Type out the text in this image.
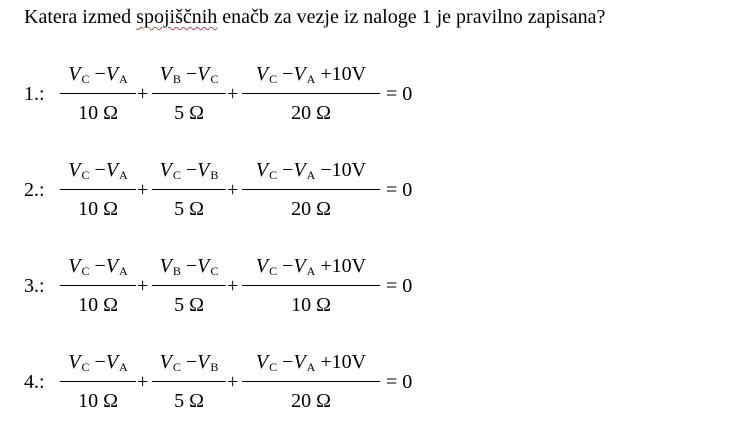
Katera izmed spojiščnih enačb za vezje iz naloge 1 je pravilno zapisana?
1.:
$V_C -V_A$
10 Ω
+
$V_B -V_C$
5 Ω
+
$V_C -V_A +10V$
20 Ω
= 0
2.:
$V_C -V_A$
10 Ω
+
$V_C -V_B$
5 Ω
+
$V_C -V_A -10V$
20 Ω
= 0
3.:
$V_C -V_A$
10 Ω
+
$V_B -V_C$
5 Ω
+
$V_C -V_A +10V$
10 Ω
= 0
4.:
$V_C -V_A$
10 Ω
+
$V_C -V_B$
5 Ω
+
$V_C -V_A +10V$
20 Ω
= 0
